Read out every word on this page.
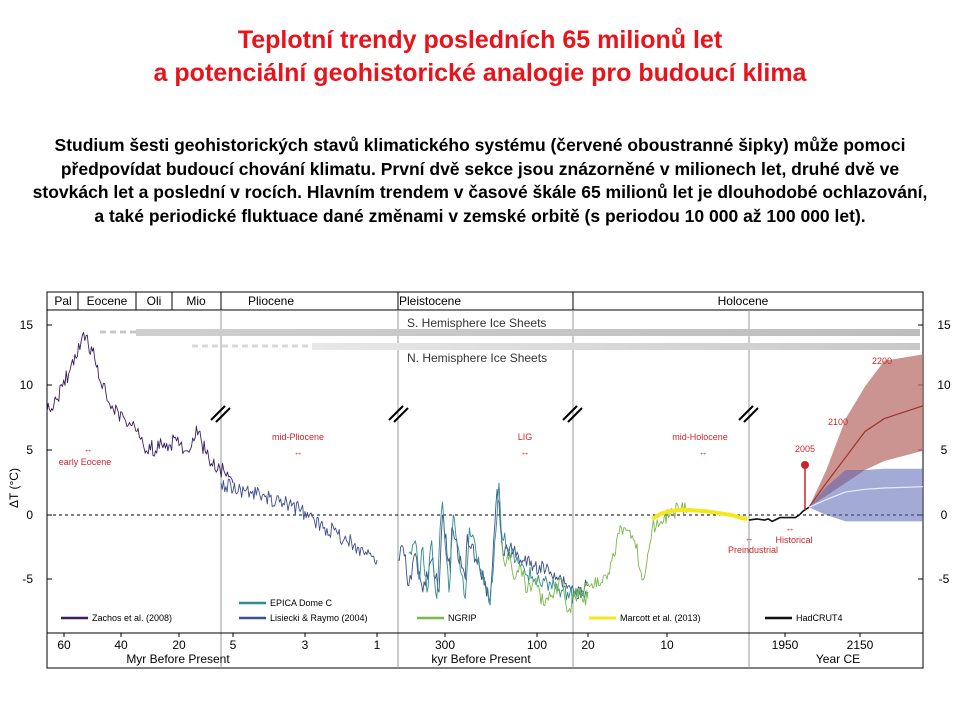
Teplotní trendy posledních 65 milionů let
a potenciální geohistorické analogie pro budoucí klima
Studium šesti geohistorických stavů klimatického systému (červené oboustranné šipky) může pomoci předpovídat budoucí chování klimatu. První dvě sekce jsou znázorněné v milionech let, druhé dvě ve stovkách let a poslední v rocích. Hlavním trendem v časové škále 65 milionů let je dlouhodobé ochlazování, a také periodické fluktuace dané změnami v zemské orbitě (s periodou 10 000 až 100 000 let).
Pal Eocene Oli Mio	Pliocene	Pleistocene	Holocene
S. Hemisphere Ice Sheets
N. Hemisphere Ice Sheets
15
10
5
0
-5
15
10
5
0
-5
ΔT (°C)
↔
early Eocene
mid-Pliocene
↔
LIG
↔
mid-Holocene
↔
↔
Preindustrial
↔
Historical
2005
2100
2200
Zachos et al. (2008)
EPICA Dome C
Lisiecki & Raymo (2004)	NGRIP	Marcott et al. (2013)	HadCRUT4
60	40	20	5	3	1	300	100	20	10	1950	2150
Myr Before Present	kyr Before Present	Year CE
